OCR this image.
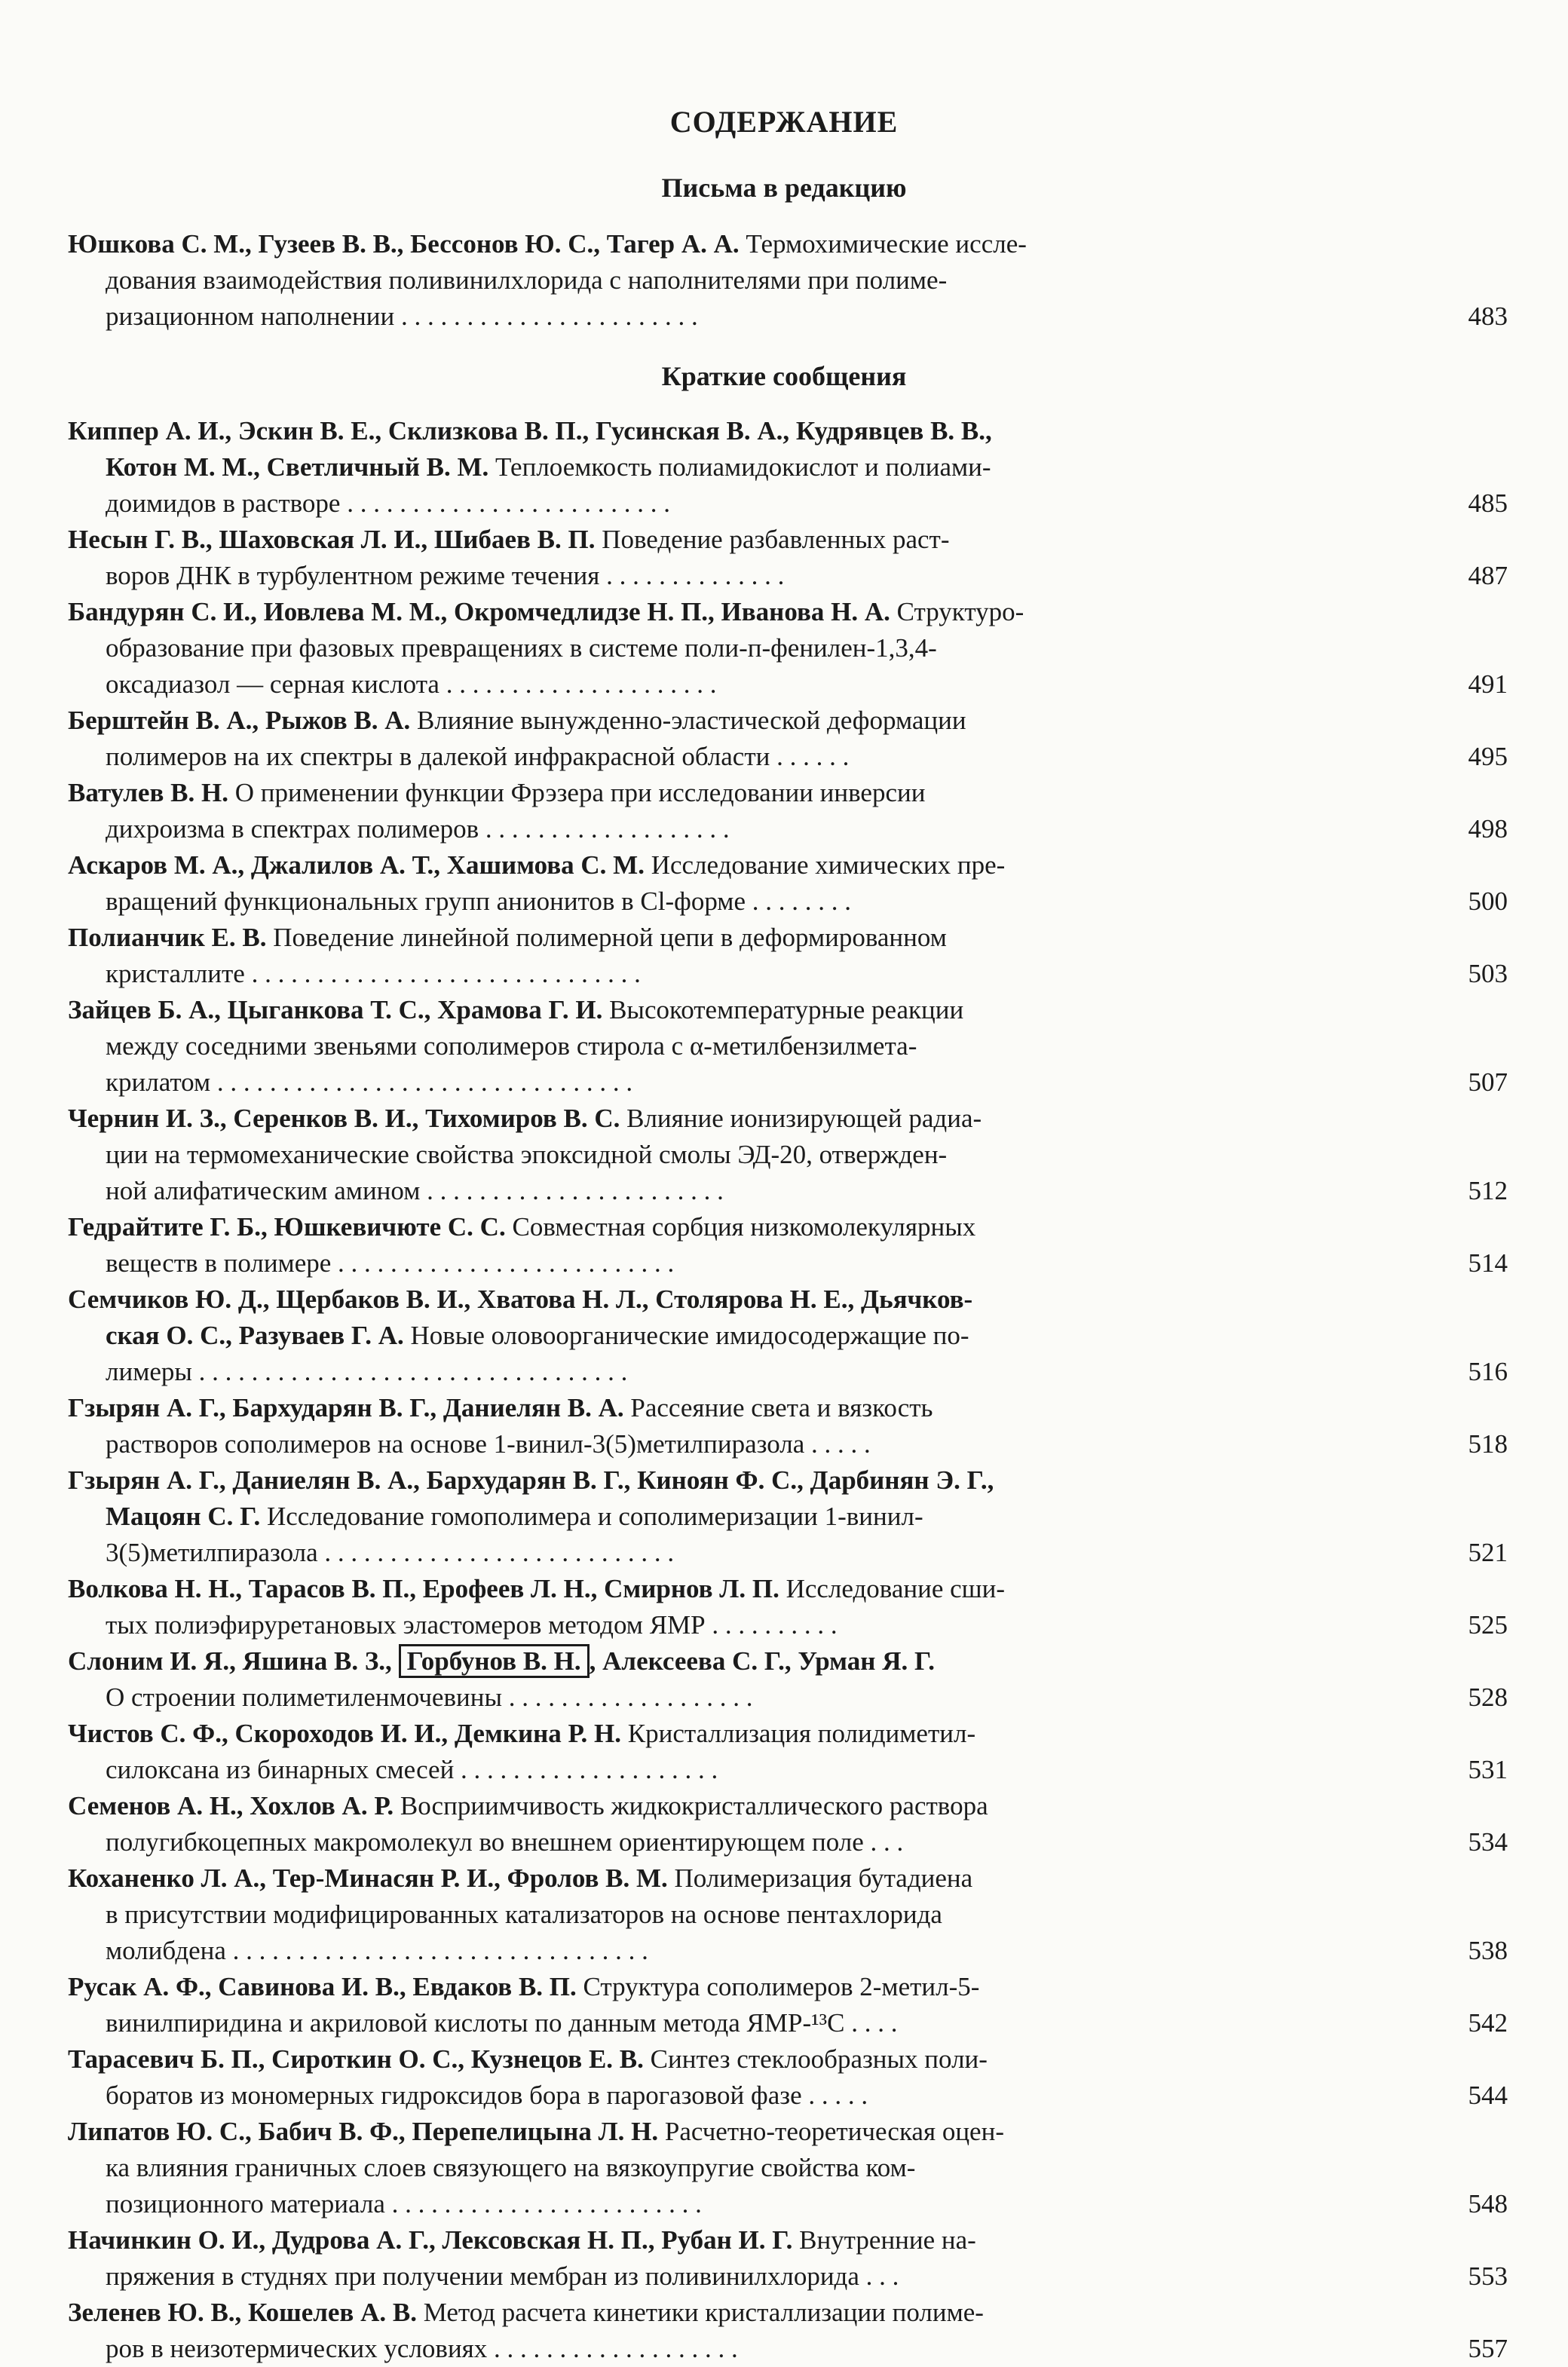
СОДЕРЖАНИЕ
Письма в редакцию
Юшкова С. М., Гузеев В. В., Бессонов Ю. С., Тагер А. А. Термохимические иссле-
дования взаимодействия поливинилхлорида с наполнителями при полиме-
ризационном наполнении . . . . . . . . . . . . . . . . . . . . . . .	483
Краткие сообщения
Киппер А. И., Эскин В. Е., Склизкова В. П., Гусинская В. А., Кудрявцев В. В.,
Котон М. М., Светличный В. М. Теплоемкость полиамидокислот и полиами-
доимидов в растворе . . . . . . . . . . . . . . . . . . . . . . . . .	485
Несын Г. В., Шаховская Л. И., Шибаев В. П. Поведение разбавленных раст-
воров ДНК в турбулентном режиме течения . . . . . . . . . . . . . .	487
Бандурян С. И., Иовлева М. М., Окромчедлидзе Н. П., Иванова Н. А. Структуро-
образование при фазовых превращениях в системе поли-п-фенилен-1,3,4-
оксадиазол — серная кислота . . . . . . . . . . . . . . . . . . . . .	491
Берштейн В. А., Рыжов В. А. Влияние вынужденно-эластической деформации
полимеров на их спектры в далекой инфракрасной области . . . . . .	495
Ватулев В. Н. О применении функции Фрэзера при исследовании инверсии
дихроизма в спектрах полимеров . . . . . . . . . . . . . . . . . . .	498
Аскаров М. А., Джалилов А. Т., Хашимова С. М. Исследование химических пре-
вращений функциональных групп анионитов в Cl-форме . . . . . . . .	500
Полианчик Е. В. Поведение линейной полимерной цепи в деформированном
кристаллите . . . . . . . . . . . . . . . . . . . . . . . . . . . . . .	503
Зайцев Б. А., Цыганкова Т. С., Храмова Г. И. Высокотемпературные реакции
между соседними звеньями сополимеров стирола с α-метилбензилмета-
крилатом . . . . . . . . . . . . . . . . . . . . . . . . . . . . . . . .	507
Чернин И. З., Серенков В. И., Тихомиров В. С. Влияние ионизирующей радиа-
ции на термомеханические свойства эпоксидной смолы ЭД-20, отвержден-
ной алифатическим амином . . . . . . . . . . . . . . . . . . . . . . .	512
Гедрайтите Г. Б., Юшкевичюте С. С. Совместная сорбция низкомолекулярных
веществ в полимере . . . . . . . . . . . . . . . . . . . . . . . . . .	514
Семчиков Ю. Д., Щербаков В. И., Хватова Н. Л., Столярова Н. Е., Дьячков-
ская О. С., Разуваев Г. А. Новые оловоорганические имидосодержащие по-
лимеры . . . . . . . . . . . . . . . . . . . . . . . . . . . . . . . . .	516
Гзырян А. Г., Бархударян В. Г., Даниелян В. А. Рассеяние света и вязкость
растворов сополимеров на основе 1-винил-3(5)метилпиразола . . . . .	518
Гзырян А. Г., Даниелян В. А., Бархударян В. Г., Киноян Ф. С., Дарбинян Э. Г.,
Мацоян С. Г. Исследование гомополимера и сополимеризации 1-винил-
3(5)метилпиразола . . . . . . . . . . . . . . . . . . . . . . . . . . .	521
Волкова Н. Н., Тарасов В. П., Ерофеев Л. Н., Смирнов Л. П. Исследование сши-
тых полиэфируретановых эластомеров методом ЯМР . . . . . . . . . .	525
Слоним И. Я., Яшина В. З., Горбунов В. Н. , Алексеева С. Г., Урман Я. Г.
О строении полиметиленмочевины . . . . . . . . . . . . . . . . . . .	528
Чистов С. Ф., Скороходов И. И., Демкина Р. Н. Кристаллизация полидиметил-
силоксана из бинарных смесей . . . . . . . . . . . . . . . . . . . .	531
Семенов А. Н., Хохлов А. Р. Восприимчивость жидкокристаллического раствора
полугибкоцепных макромолекул во внешнем ориентирующем поле . . .	534
Коханенко Л. А., Тер-Минасян Р. И., Фролов В. М. Полимеризация бутадиена
в присутствии модифицированных катализаторов на основе пентахлорида
молибдена . . . . . . . . . . . . . . . . . . . . . . . . . . . . . . . .	538
Русак А. Ф., Савинова И. В., Евдаков В. П. Структура сополимеров 2-метил-5-
винилпиридина и акриловой кислоты по данным метода ЯМР-¹³C . . . .	542
Тарасевич Б. П., Сироткин О. С., Кузнецов Е. В. Синтез стеклообразных поли-
боратов из мономерных гидроксидов бора в парогазовой фазе . . . . .	544
Липатов Ю. С., Бабич В. Ф., Перепелицына Л. Н. Расчетно-теоретическая оцен-
ка влияния граничных слоев связующего на вязкоупругие свойства ком-
позиционного материала . . . . . . . . . . . . . . . . . . . . . . . .	548
Начинкин О. И., Дудрова А. Г., Лексовская Н. П., Рубан И. Г. Внутренние на-
пряжения в студнях при получении мембран из поливинилхлорида . . .	553
Зеленев Ю. В., Кошелев А. В. Метод расчета кинетики кристаллизации полиме-
ров в неизотермических условиях . . . . . . . . . . . . . . . . . . .	557
